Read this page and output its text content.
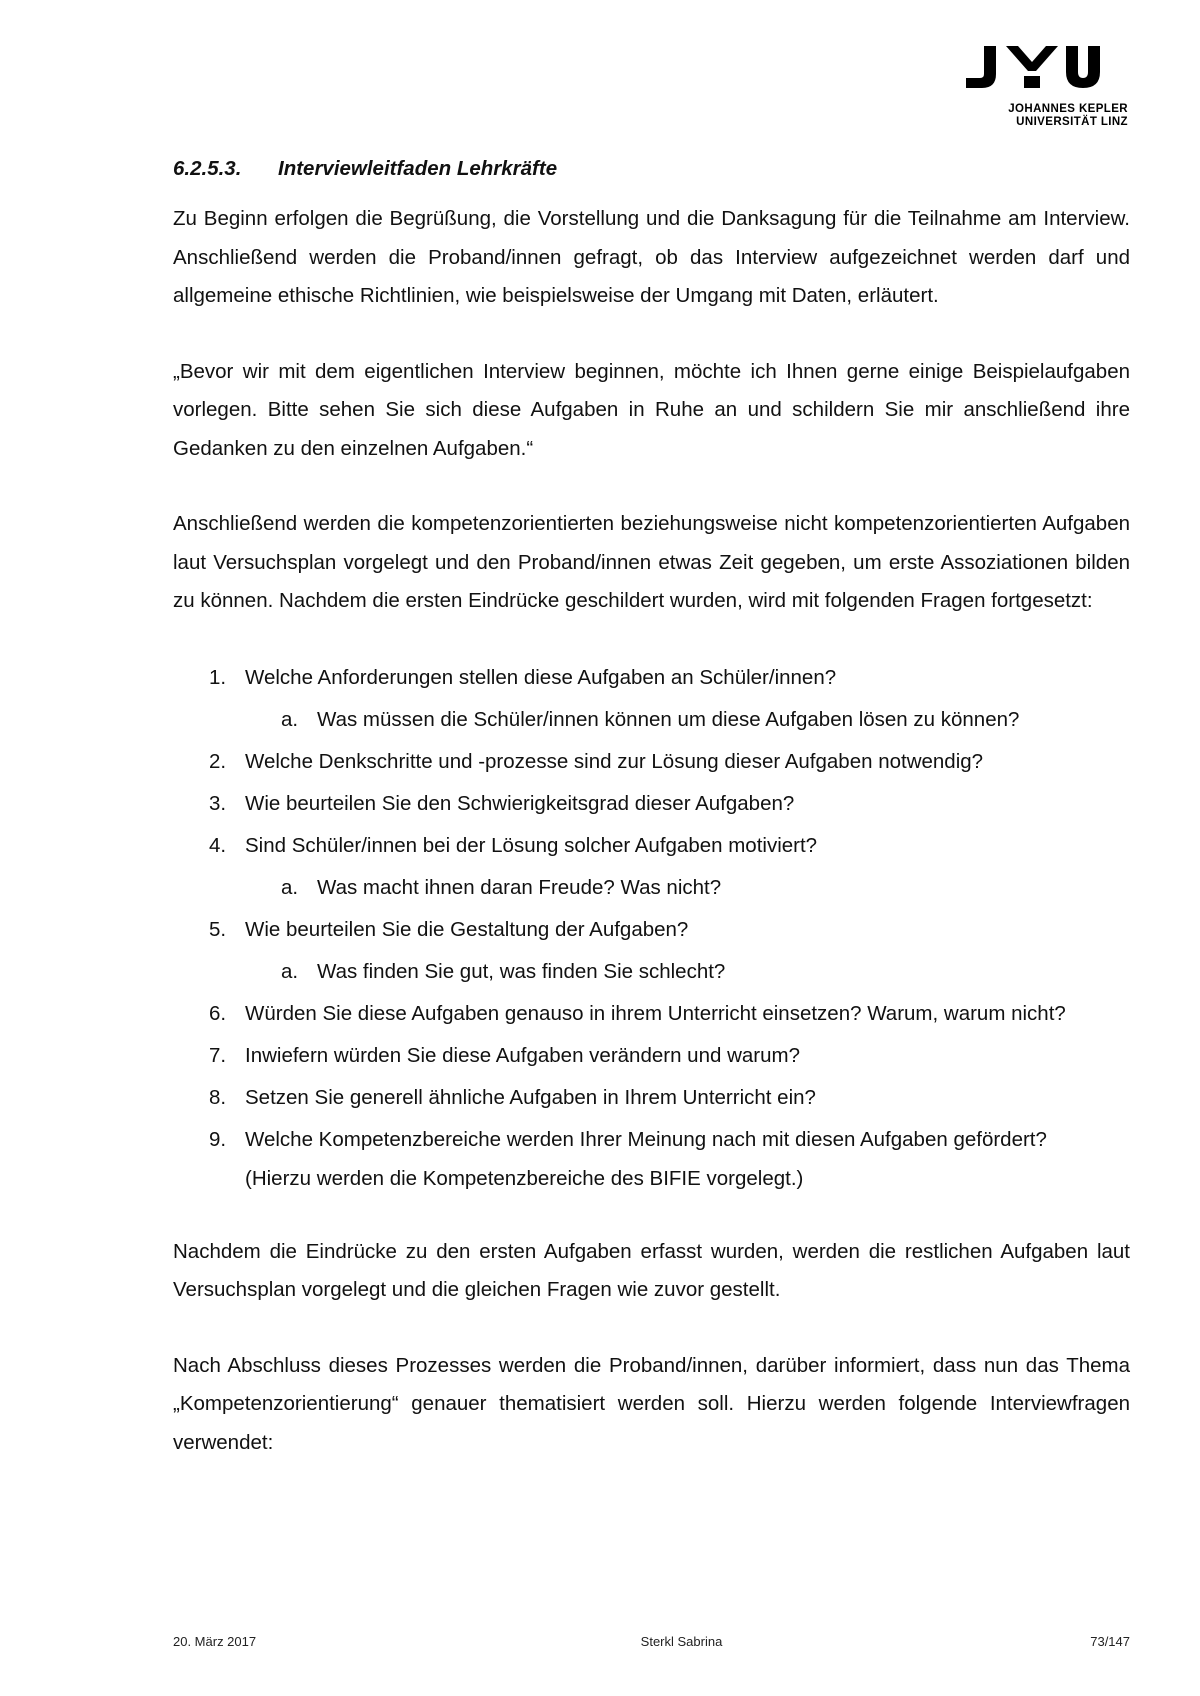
JOHANNES KEPLER
UNIVERSITÄT LINZ
6.2.5.3. Interviewleitfaden Lehrkräfte

Zu Beginn erfolgen die Begrüßung, die Vorstellung und die Danksagung für die Teilnahme am Interview. Anschließend werden die Proband/innen gefragt, ob das Interview aufgezeichnet werden darf und allgemeine ethische Richtlinien, wie beispielsweise der Umgang mit Daten, erläutert.

„Bevor wir mit dem eigentlichen Interview beginnen, möchte ich Ihnen gerne einige Beispielaufgaben vorlegen. Bitte sehen Sie sich diese Aufgaben in Ruhe an und schildern Sie mir anschließend ihre Gedanken zu den einzelnen Aufgaben.“

Anschließend werden die kompetenzorientierten beziehungsweise nicht kompetenzorientierten Aufgaben laut Versuchsplan vorgelegt und den Proband/innen etwas Zeit gegeben, um erste Assoziationen bilden zu können. Nachdem die ersten Eindrücke geschildert wurden, wird mit folgenden Fragen fortgesetzt:

1. Welche Anforderungen stellen diese Aufgaben an Schüler/innen?
a. Was müssen die Schüler/innen können um diese Aufgaben lösen zu können?
2. Welche Denkschritte und -prozesse sind zur Lösung dieser Aufgaben notwendig?
3. Wie beurteilen Sie den Schwierigkeitsgrad dieser Aufgaben?
4. Sind Schüler/innen bei der Lösung solcher Aufgaben motiviert?
a. Was macht ihnen daran Freude? Was nicht?
5. Wie beurteilen Sie die Gestaltung der Aufgaben?
a. Was finden Sie gut, was finden Sie schlecht?
6. Würden Sie diese Aufgaben genauso in ihrem Unterricht einsetzen? Warum, warum nicht?
7. Inwiefern würden Sie diese Aufgaben verändern und warum?
8. Setzen Sie generell ähnliche Aufgaben in Ihrem Unterricht ein?
9. Welche Kompetenzbereiche werden Ihrer Meinung nach mit diesen Aufgaben gefördert?
(Hierzu werden die Kompetenzbereiche des BIFIE vorgelegt.)

Nachdem die Eindrücke zu den ersten Aufgaben erfasst wurden, werden die restlichen Aufgaben laut Versuchsplan vorgelegt und die gleichen Fragen wie zuvor gestellt.

Nach Abschluss dieses Prozesses werden die Proband/innen, darüber informiert, dass nun das Thema „Kompetenzorientierung“ genauer thematisiert werden soll. Hierzu werden folgende Interviewfragen verwendet:

20. März 2017	Sterkl Sabrina	73/147
